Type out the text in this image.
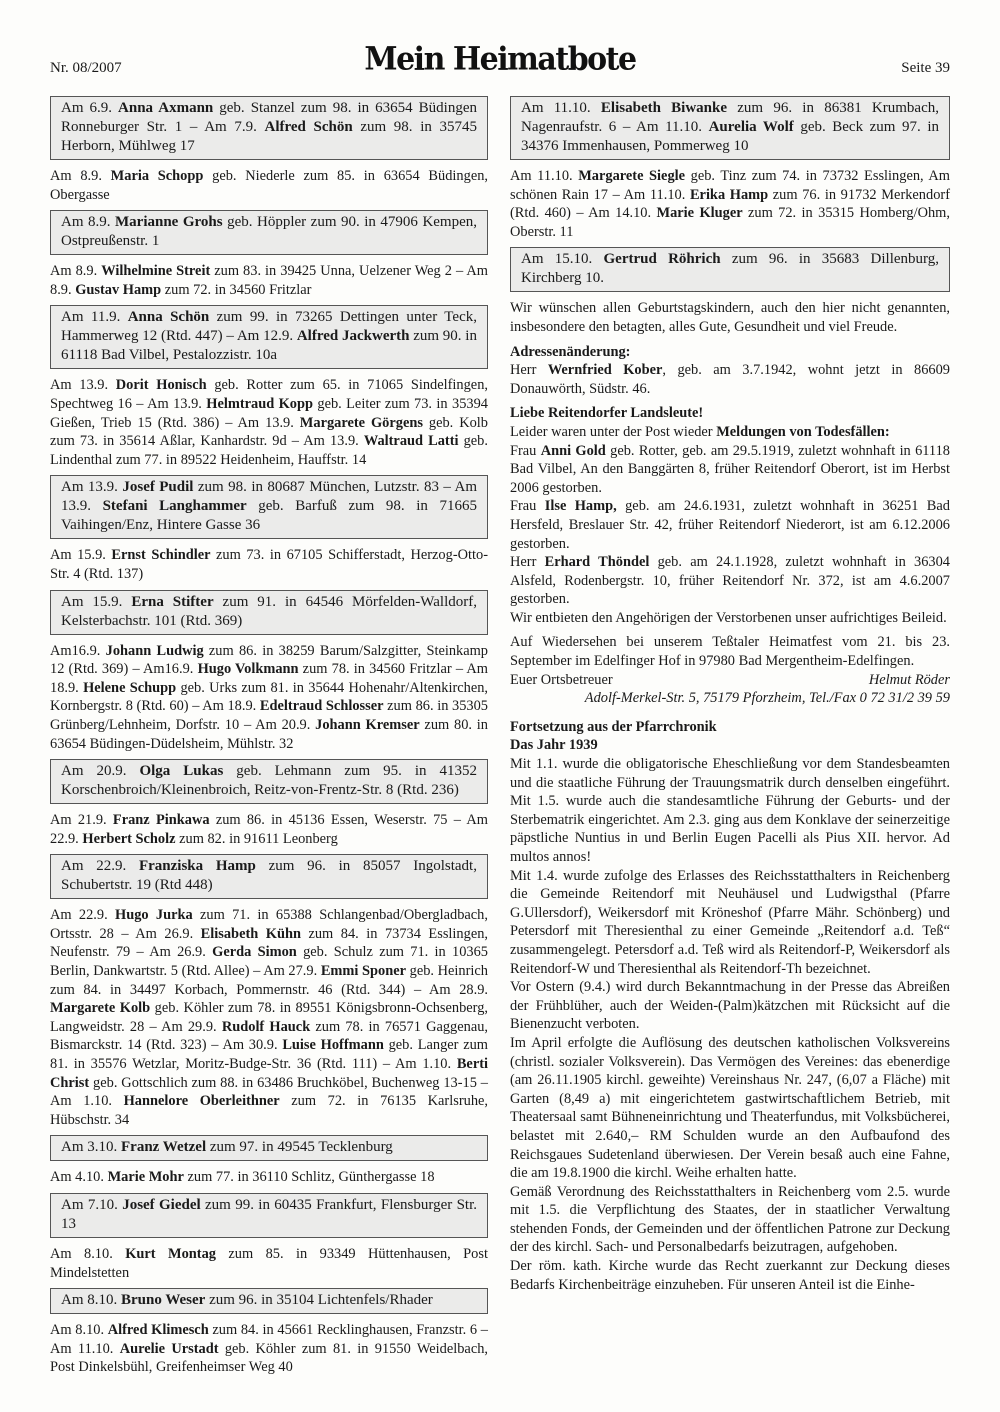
Nr. 08/2007	Mein Heimatbote	Seite 39
Am 6.9. Anna Axmann geb. Stanzel zum 98. in 63654 Büdingen Ronneburger Str. 1 – Am 7.9. Alfred Schön zum 98. in 35745 Herborn, Mühlweg 17
Am 8.9. Maria Schopp geb. Niederle zum 85. in 63654 Büdingen, Obergasse
Am 8.9. Marianne Grohs geb. Höppler zum 90. in 47906 Kempen, Ostpreußenstr. 1
Am 8.9. Wilhelmine Streit zum 83. in 39425 Unna, Uelzener Weg 2 – Am 8.9. Gustav Hamp zum 72. in 34560 Fritzlar
Am 11.9. Anna Schön zum 99. in 73265 Dettingen unter Teck, Hammerweg 12 (Rtd. 447) – Am 12.9. Alfred Jackwerth zum 90. in 61118 Bad Vilbel, Pestalozzistr. 10a
Am 13.9. Dorit Honisch geb. Rotter zum 65. in 71065 Sindelfingen, Spechtweg 16 – Am 13.9. Helmtraud Kopp geb. Leiter zum 73. in 35394 Gießen, Trieb 15 (Rtd. 386) – Am 13.9. Margarete Görgens geb. Kolb zum 73. in 35614 Aßlar, Kanhardstr. 9d – Am 13.9. Waltraud Latti geb. Lindenthal zum 77. in 89522 Heidenheim, Hauffstr. 14
Am 13.9. Josef Pudil zum 98. in 80687 München, Lutzstr. 83 – Am 13.9. Stefani Langhammer geb. Barfuß zum 98. in 71665 Vaihingen/Enz, Hintere Gasse 36
Am 15.9. Ernst Schindler zum 73. in 67105 Schifferstadt, Herzog-Otto-Str. 4 (Rtd. 137)
Am 15.9. Erna Stifter zum 91. in 64546 Mörfelden-Walldorf, Kelsterbachstr. 101 (Rtd. 369)
Am16.9. Johann Ludwig zum 86. in 38259 Barum/Salzgitter, Steinkamp 12 (Rtd. 369) – Am16.9. Hugo Volkmann zum 78. in 34560 Fritzlar – Am 18.9. Helene Schupp geb. Urks zum 81. in 35644 Hohenahr/Altenkirchen, Kornbergstr. 8 (Rtd. 60) – Am 18.9. Edeltraud Schlosser zum 86. in 35305 Grünberg/Lehnheim, Dorfstr. 10 – Am 20.9. Johann Kremser zum 80. in 63654 Büdingen-Düdelsheim, Mühlstr. 32
Am 20.9. Olga Lukas geb. Lehmann zum 95. in 41352 Korschenbroich/Kleinenbroich, Reitz-von-Frentz-Str. 8 (Rtd. 236)
Am 21.9. Franz Pinkawa zum 86. in 45136 Essen, Weserstr. 75 – Am 22.9. Herbert Scholz zum 82. in 91611 Leonberg
Am 22.9. Franziska Hamp zum 96. in 85057 Ingolstadt, Schubertstr. 19 (Rtd 448)
Am 22.9. Hugo Jurka zum 71. in 65388 Schlangenbad/Obergladbach, Ortsstr. 28 – Am 26.9. Elisabeth Kühn zum 84. in 73734 Esslingen, Neufenstr. 79 – Am 26.9. Gerda Simon geb. Schulz zum 71. in 10365 Berlin, Dankwartstr. 5 (Rtd. Allee) – Am 27.9. Emmi Sponer geb. Heinrich zum 84. in 34497 Korbach, Pommernstr. 46 (Rtd. 344) – Am 28.9. Margarete Kolb geb. Köhler zum 78. in 89551 Königsbronn-Ochsenberg, Langweidstr. 28 – Am 29.9. Rudolf Hauck zum 78. in 76571 Gaggenau, Bismarckstr. 14 (Rtd. 323) – Am 30.9. Luise Hoffmann geb. Langer zum 81. in 35576 Wetzlar, Moritz-Budge-Str. 36 (Rtd. 111) – Am 1.10. Berti Christ geb. Gottschlich zum 88. in 63486 Bruchköbel, Buchenweg 13-15 – Am 1.10. Hannelore Oberleithner zum 72. in 76135 Karlsruhe, Hübschstr. 34
Am 3.10. Franz Wetzel zum 97. in 49545 Tecklenburg
Am 4.10. Marie Mohr zum 77. in 36110 Schlitz, Günthergasse 18
Am 7.10. Josef Giedel zum 99. in 60435 Frankfurt, Flensburger Str. 13
Am 8.10. Kurt Montag zum 85. in 93349 Hüttenhausen, Post Mindelstetten
Am 8.10. Bruno Weser zum 96. in 35104 Lichtenfels/Rhader
Am 8.10. Alfred Klimesch zum 84. in 45661 Recklinghausen, Franzstr. 6 – Am 11.10. Aurelie Urstadt geb. Köhler zum 81. in 91550 Weidelbach, Post Dinkelsbühl, Greifenheimser Weg 40
Am 11.10. Elisabeth Biwanke zum 96. in 86381 Krumbach, Nagenraufstr. 6 – Am 11.10. Aurelia Wolf geb. Beck zum 97. in 34376 Immenhausen, Pommerweg 10
Am 11.10. Margarete Siegle geb. Tinz zum 74. in 73732 Esslingen, Am schönen Rain 17 – Am 11.10. Erika Hamp zum 76. in 91732 Merkendorf (Rtd. 460) – Am 14.10. Marie Kluger zum 72. in 35315 Homberg/Ohm, Oberstr. 11
Am 15.10. Gertrud Röhrich zum 96. in 35683 Dillenburg, Kirchberg 10.

Wir wünschen allen Geburtstagskindern, auch den hier nicht genannten, insbesondere den betagten, alles Gute, Gesundheit und viel Freude.

Adressenänderung:

Herr Wernfried Kober, geb. am 3.7.1942, wohnt jetzt in 86609 Donauwörth, Südstr. 46.

Liebe Reitendorfer Landsleute!

Leider waren unter der Post wieder Meldungen von Todesfällen:

Frau Anni Gold geb. Rotter, geb. am 29.5.1919, zuletzt wohnhaft in 61118 Bad Vilbel, An den Banggärten 8, früher Reitendorf Oberort, ist im Herbst 2006 gestorben.

Frau Ilse Hamp, geb. am 24.6.1931, zuletzt wohnhaft in 36251 Bad Hersfeld, Breslauer Str. 42, früher Reitendorf Niederort, ist am 6.12.2006 gestorben.

Herr Erhard Thöndel geb. am 24.1.1928, zuletzt wohnhaft in 36304 Alsfeld, Rodenbergstr. 10, früher Reitendorf Nr. 372, ist am 4.6.2007 gestorben.

Wir entbieten den Angehörigen der Verstorbenen unser aufrichtiges Beileid.

Auf Wiedersehen bei unserem Teßtaler Heimatfest vom 21. bis 23. September im Edelfinger Hof in 97980 Bad Mergentheim-Edelfingen.

Euer Ortsbetreuer	Helmut Röder

Adolf-Merkel-Str. 5, 75179 Pforzheim, Tel./Fax 0 72 31/2 39 59

Fortsetzung aus der Pfarrchronik

Das Jahr 1939

Mit 1.1. wurde die obligatorische Eheschließung vor dem Standesbeamten und die staatliche Führung der Trauungsmatrik durch denselben eingeführt. Mit 1.5. wurde auch die standesamtliche Führung der Geburts- und der Sterbematrik eingerichtet. Am 2.3. ging aus dem Konklave der seinerzeitige päpstliche Nuntius in und Berlin Eugen Pacelli als Pius XII. hervor. Ad multos annos!

Mit 1.4. wurde zufolge des Erlasses des Reichsstatthalters in Reichenberg die Gemeinde Reitendorf mit Neuhäusel und Ludwigsthal (Pfarre G.Ullersdorf), Weikersdorf mit Kröneshof (Pfarre Mähr. Schönberg) und Petersdorf mit Theresienthal zu einer Gemeinde „Reitendorf a.d. Teß“ zusammengelegt. Petersdorf a.d. Teß wird als Reitendorf-P, Weikersdorf als Reitendorf-W und Theresienthal als Reitendorf-Th bezeichnet.

Vor Ostern (9.4.) wird durch Bekanntmachung in der Presse das Abreißen der Frühblüher, auch der Weiden-(Palm)kätzchen mit Rücksicht auf die Bienenzucht verboten.

Im April erfolgte die Auflösung des deutschen katholischen Volksvereins (christl. sozialer Volksverein). Das Vermögen des Vereines: das ebenerdige (am 26.11.1905 kirchl. geweihte) Vereinshaus Nr. 247, (6,07 a Fläche) mit Garten (8,49 a) mit eingerichtetem gastwirtschaftlichem Betrieb, mit Theatersaal samt Bühneneinrichtung und Theaterfundus, mit Volksbücherei, belastet mit 2.640,– RM Schulden wurde an den Aufbaufond des Reichsgaues Sudetenland überwiesen. Der Verein besaß auch eine Fahne, die am 19.8.1900 die kirchl. Weihe erhalten hatte.

Gemäß Verordnung des Reichsstatthalters in Reichenberg vom 2.5. wurde mit 1.5. die Verpflichtung des Staates, der in staatlicher Verwaltung stehenden Fonds, der Gemeinden und der öffentlichen Patrone zur Deckung der des kirchl. Sach- und Personalbedarfs beizutragen, aufgehoben.

Der röm. kath. Kirche wurde das Recht zuerkannt zur Deckung dieses Bedarfs Kirchenbeiträge einzuheben. Für unseren Anteil ist die Einhe-
